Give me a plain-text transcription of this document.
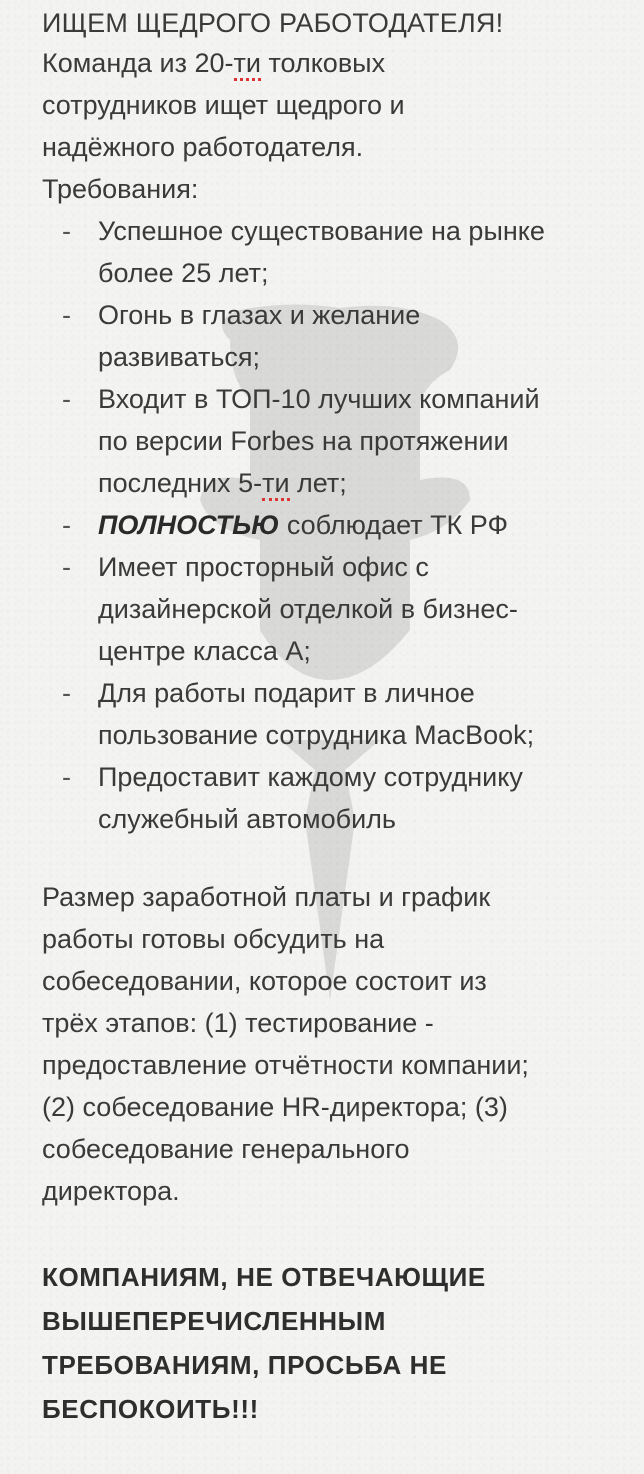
ИЩЕМ ЩЕДРОГО РАБОТОДАТЕЛЯ!
Команда из 20-ти толковых
сотрудников ищет щедрого и
надёжного работодателя.
Требования:
- Успешное существование на рынке
более 25 лет;
- Огонь в глазах и желание
развиваться;
- Входит в ТОП-10 лучших компаний
по версии Forbes на протяжении
последних 5-ти лет;
- ПОЛНОСТЬЮ соблюдает ТК РФ
- Имеет просторный офис с
дизайнерской отделкой в бизнес-
центре класса А;
- Для работы подарит в личное
пользование сотрудника MacBook;
- Предоставит каждому сотруднику
служебный автомобиль
Размер заработной платы и график
работы готовы обсудить на
собеседовании, которое состоит из
трёх этапов: (1) тестирование -
предоставление отчётности компании;
(2) собеседование HR-директора; (3)
собеседование генерального
директора.
КОМПАНИЯМ, НЕ ОТВЕЧАЮЩИЕ
ВЫШЕПЕРЕЧИСЛЕННЫМ
ТРЕБОВАНИЯМ, ПРОСЬБА НЕ
БЕСПОКОИТЬ!!!
